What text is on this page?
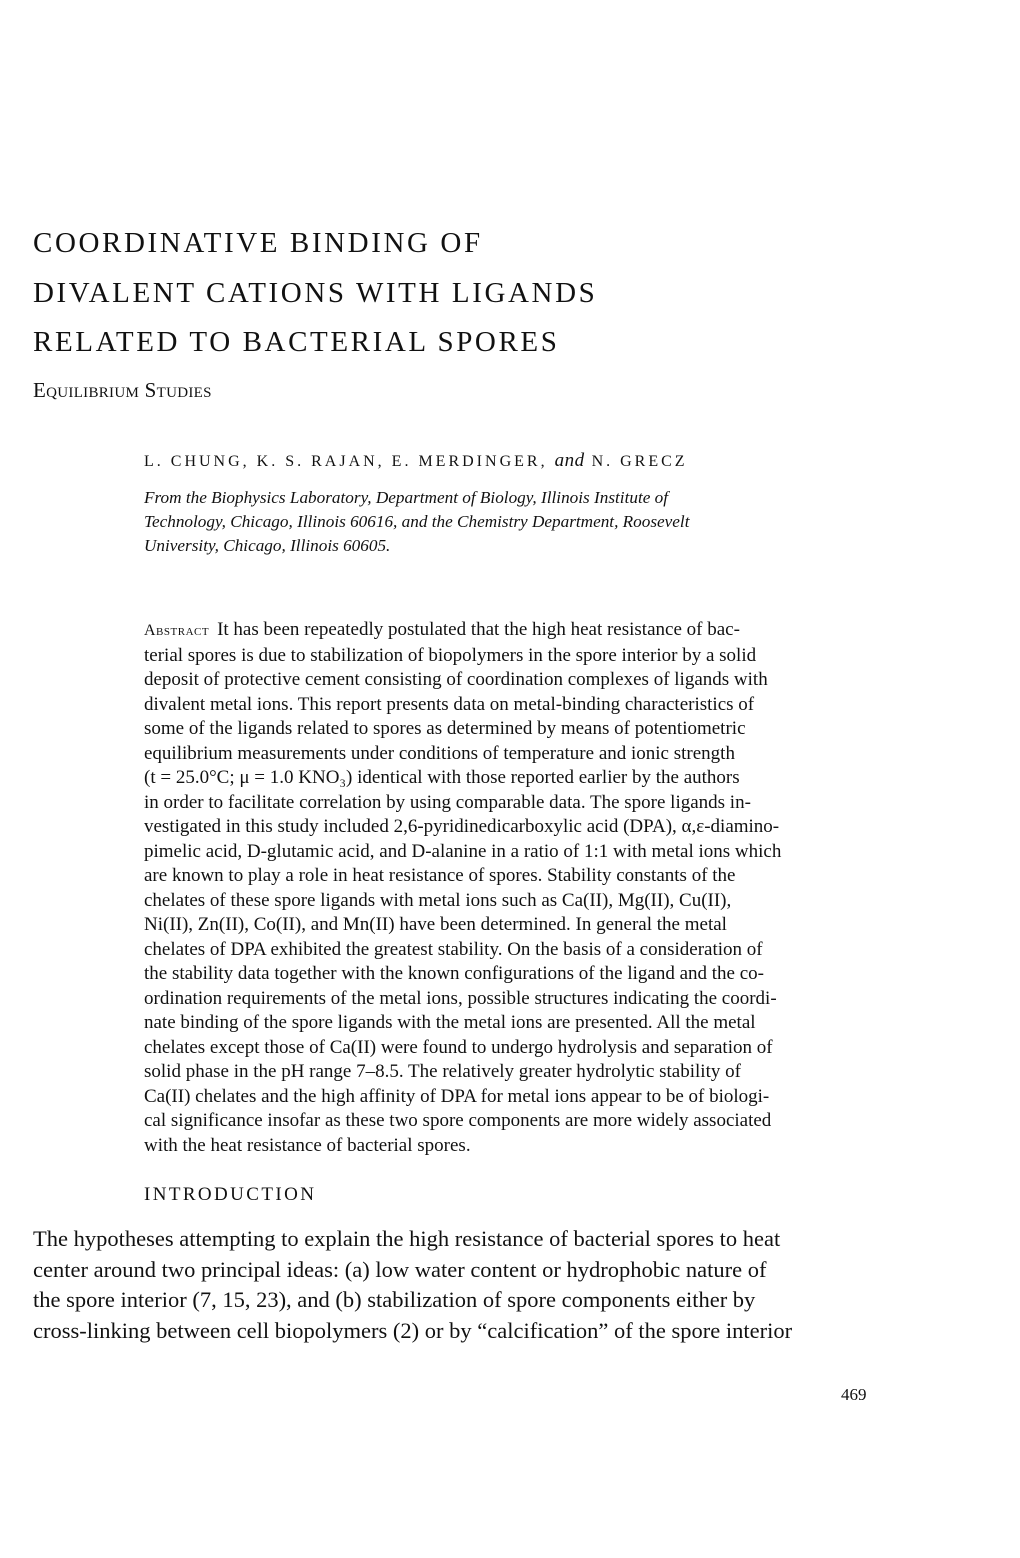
COORDINATIVE BINDING OF
DIVALENT CATIONS WITH LIGANDS
RELATED TO BACTERIAL SPORES
Equilibrium Studies
L. CHUNG, K. S. RAJAN, E. MERDINGER, and N. GRECZ
From the Biophysics Laboratory, Department of Biology, Illinois Institute of
Technology, Chicago, Illinois 60616, and the Chemistry Department, Roosevelt
University, Chicago, Illinois 60605.
Abstract It has been repeatedly postulated that the high heat resistance of bac-
terial spores is due to stabilization of biopolymers in the spore interior by a solid
deposit of protective cement consisting of coordination complexes of ligands with
divalent metal ions. This report presents data on metal-binding characteristics of
some of the ligands related to spores as determined by means of potentiometric
equilibrium measurements under conditions of temperature and ionic strength
(t = 25.0°C; μ = 1.0 KNO₃) identical with those reported earlier by the authors
in order to facilitate correlation by using comparable data. The spore ligands in-
vestigated in this study included 2,6-pyridinedicarboxylic acid (DPA), α,ε-diamino-
pimelic acid, D-glutamic acid, and D-alanine in a ratio of 1:1 with metal ions which
are known to play a role in heat resistance of spores. Stability constants of the
chelates of these spore ligands with metal ions such as Ca(II), Mg(II), Cu(II),
Ni(II), Zn(II), Co(II), and Mn(II) have been determined. In general the metal
chelates of DPA exhibited the greatest stability. On the basis of a consideration of
the stability data together with the known configurations of the ligand and the co-
ordination requirements of the metal ions, possible structures indicating the coordi-
nate binding of the spore ligands with the metal ions are presented. All the metal
chelates except those of Ca(II) were found to undergo hydrolysis and separation of
solid phase in the pH range 7–8.5. The relatively greater hydrolytic stability of
Ca(II) chelates and the high affinity of DPA for metal ions appear to be of biologi-
cal significance insofar as these two spore components are more widely associated
with the heat resistance of bacterial spores.
INTRODUCTION
The hypotheses attempting to explain the high resistance of bacterial spores to heat
center around two principal ideas: (a) low water content or hydrophobic nature of
the spore interior (7, 15, 23), and (b) stabilization of spore components either by
cross-linking between cell biopolymers (2) or by “calcification” of the spore interior
469
